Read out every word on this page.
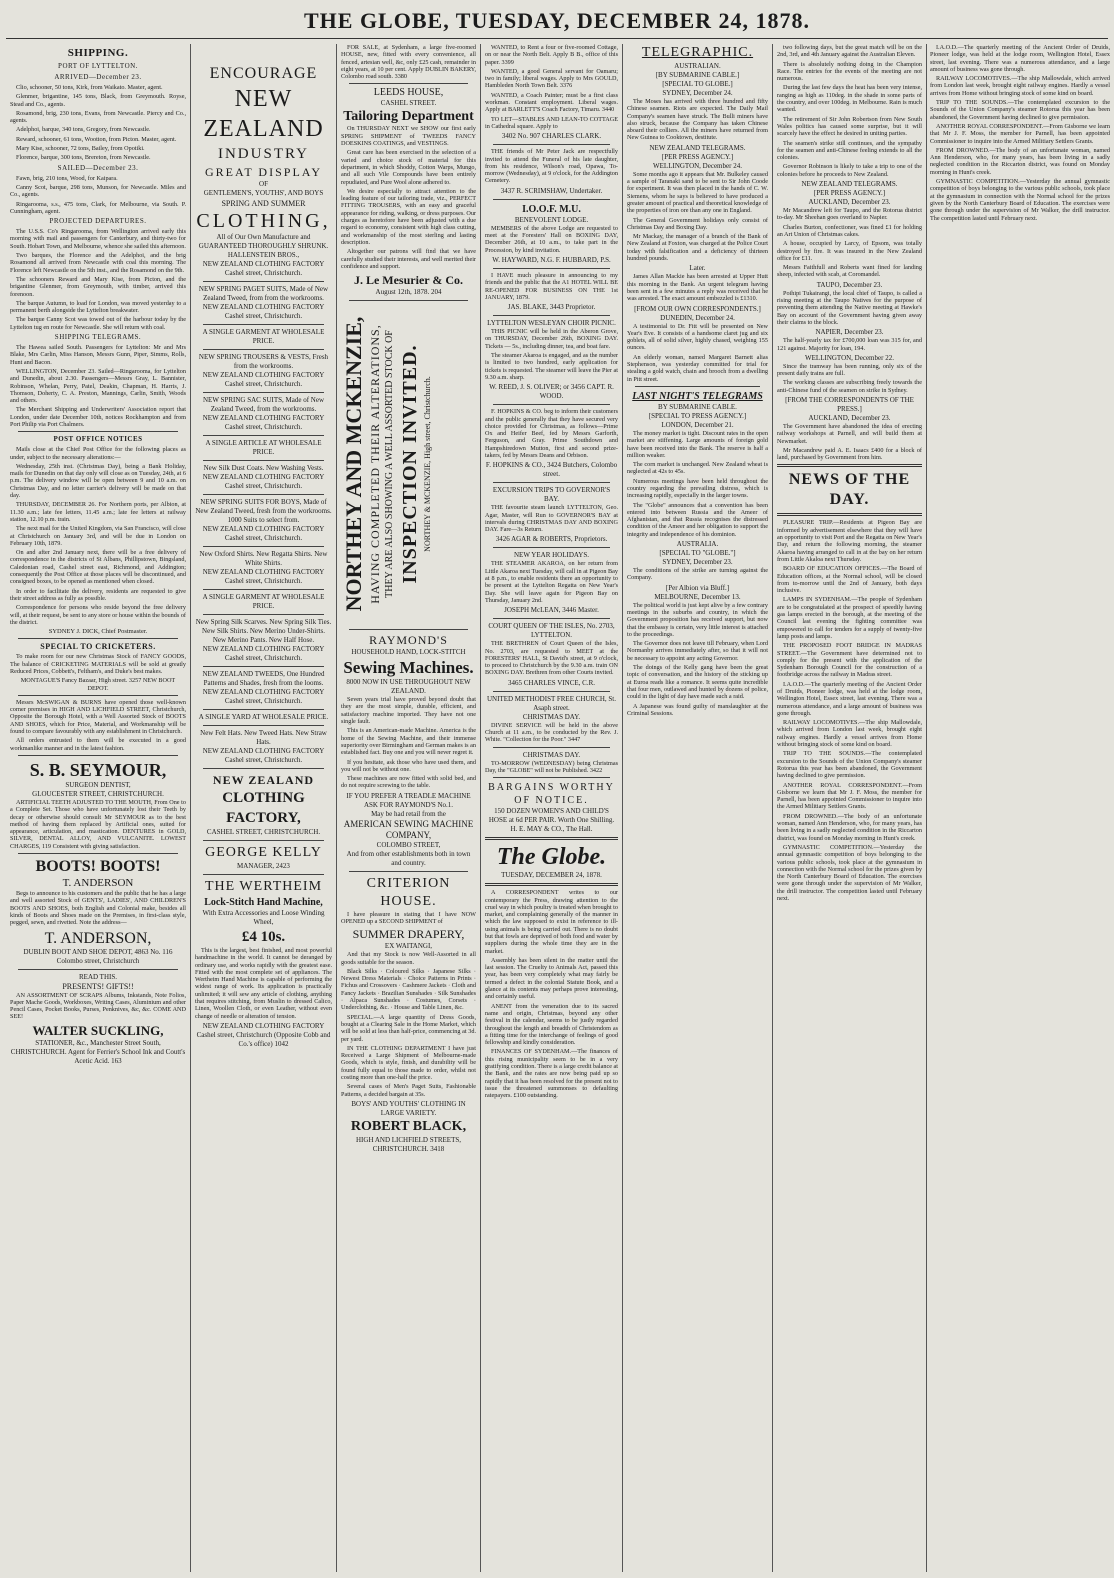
THE GLOBE, TUESDAY, DECEMBER 24, 1878.
SHIPPING.
PORT OF LYTTELTON.
ARRIVED—December 23.

Clio, schooner, 50 tons, Kirk, from Waikato. Master, agent.

Glenmer, brigantine, 145 tons, Black, from Greymouth. Royse, Stead and Co., agents.

Rosamond, brig, 230 tons, Evans, from Newcastle. Piercy and Co., agents.

Adelphoi, barque, 340 tons, Gregory, from Newcastle.

Reward, schooner, 61 tons, Wootton, from Picton. Master, agent.

Mary Kise, schooner, 72 tons, Bailey, from Opotiki.

Florence, barque, 300 tons, Brereton, from Newcastle.

SAILED—December 23.

Fawn, brig, 210 tons, Wood, for Kaipara.

Canny Scot, barque, 298 tons, Munson, for Newcastle. Miles and Co., agents.

Ringarooma, s.s., 475 tons, Clark, for Melbourne, via South. P. Cunningham, agent.

PROJECTED DEPARTURES.

The U.S.S. Co's Ringarooma, from Wellington arrived early this morning with mail and passengers for Canterbury, and thirty-two for South. Hobart Town, and Melbourne, whence she sailed this afternoon.

Two barques, the Florence and the Adelphoi, and the brig Rosamond all arrived from Newcastle with coal this morning. The Florence left Newcastle on the 5th inst., and the Rosamond on the 9th.

The schooners Reward and Mary Kise, from Picton, and the brigantine Glenmer, from Greymouth, with timber, arrived this forenoon.

The barque Autumn, to load for London, was moved yesterday to a permanent berth alongside the Lyttelton breakwater.

The barque Canny Scot was towed out of the harbour today by the Lyttelton tug en route for Newcastle. She will return with coal.

SHIPPING TELEGRAMS.

The Hawea sailed South. Passengers for Lyttelton: Mr and Mrs Blake, Mrs Carlin, Miss Hanson, Messrs Gunn, Piper, Simms, Rolls, Hunt and Bacon.

WELLINGTON, December 23. Sailed—Ringarooma, for Lyttelton and Dunedin, about 2.30. Passengers—Messrs Gray, L. Bannister, Robinson, Whelan, Perry, Patel, Deakin, Chapman, H. Harris, J. Thomson, Doherty, C. A. Preston, Mannings, Carlin, Smith, Woods and others.

The Merchant Shipping and Underwriters' Association report that London, under date December 10th, notices Rockhampton and from Port Philip via Port Chalmers.

POST OFFICE NOTICES

Mails close at the Chief Post Office for the following places as under, subject to the necessary alterations:—

Wednesday, 25th inst. (Christmas Day), being a Bank Holiday, mails for Dunedin on that day only will close as on Tuesday, 24th, at 6 p.m. The delivery window will be open between 9 and 10 a.m. on Christmas Day, and no letter carrier's delivery will be made on that day.

THURSDAY, DECEMBER 26. For Northern ports, per Albion, at 11.30 a.m.; late fee letters, 11.45 a.m.; late fee letters at railway station, 12.10 p.m. train.

The next mail for the United Kingdom, via San Francisco, will close at Christchurch on January 3rd, and will be due in London on February 10th, 1879.

On and after 2nd January next, there will be a free delivery of correspondence in the districts of St Albans, Phillipstown, Bingsland, Caledonian road, Cashel street east, Richmond, and Addington; consequently the Post Office at those places will be discontinued, and consigned boxes, to be opened as mentioned when closed.

In order to facilitate the delivery, residents are requested to give their street address as fully as possible.

Correspondence for persons who reside beyond the free delivery will, at their request, be sent to any store or house within the bounds of the district.

SYDNEY J. DICK, Chief Postmaster.
SPECIAL TO CRICKETERS.

To make room for our new Christmas Stock of FANCY GOODS, The balance of CRICKETING MATERIALS will be sold at greatly Reduced Prices, Cobbett's, Feltham's, and Duke's best makes.

MONTAGUE'S Fancy Bazaar, High street. 3257 NEW BOOT DEPOT.

Messrs McSWIGAN & BURNS have opened those well-known corner premises in HIGH AND LICHFIELD STREET, Christchurch, Opposite the Borough Hotel, with a Well Assorted Stock of BOOTS AND SHOES, which for Price, Material, and Workmanship will be found to compare favourably with any establishment in Christchurch.

All orders entrusted to them will be executed in a good workmanlike manner and in the latest fashion.

S. B. SEYMOUR,
SURGEON DENTIST,
GLOUCESTER STREET, CHRISTCHURCH.

ARTIFICIAL TEETH ADJUSTED TO THE MOUTH, From One to a Complete Set. Those who have unfortunately lost their Teeth by decay or otherwise should consult Mr SEYMOUR as to the best method of having them replaced by Artificial ones, suited for appearance, articulation, and mastication. DENTURES in GOLD, SILVER, DENTAL ALLOY, AND VULCANITE. LOWEST CHARGES, 119 Consistent with giving satisfaction.

BOOTS! BOOTS!
T. ANDERSON

Begs to announce to his customers and the public that he has a large and well assorted Stock of GENTS', LADIES', AND CHILDREN'S BOOTS AND SHOES, both English and Colonial make, besides all kinds of Boots and Shoes made on the Premises, in first-class style, pegged, sewn, and rivetted. Note the address—

T. ANDERSON,
DUBLIN BOOT AND SHOE DEPOT, 4863 No. 116 Colombo street, Christchurch
READ THIS.
PRESENTS! GIFTS!!

AN ASSORTMENT OF SCRAPS Albums, Inkstands, Note Folios, Paper Mache Goods, Workboxes, Writing Cases, Aluminium and other Pencil Cases, Pocket Books, Purses, Penknives, &c, &c. COME AND SEE!

WALTER SUCKLING,
STATIONER, &c., Manchester Street South, CHRISTCHURCH. Agent for Ferrier's School Ink and Coutt's Acetic Acid. 163
ENCOURAGE
NEW ZEALAND
INDUSTRY
GREAT DISPLAY
OF
GENTLEMEN'S, YOUTHS', AND BOYS
SPRING AND SUMMER
CLOTHING,
All of Our Own Manufacture and
GUARANTEED THOROUGHLY SHRUNK.
HALLENSTEIN BROS.,
NEW ZEALAND CLOTHING FACTORY
Cashel street, Christchurch.
NEW SPRING PAGET SUITS, Made of New Zealand Tweed, from from the workrooms.
NEW ZEALAND CLOTHING FACTORY
Cashel street, Christchurch.
A SINGLE GARMENT AT WHOLESALE PRICE.
NEW SPRING TROUSERS & VESTS, Fresh from the workrooms.
NEW ZEALAND CLOTHING FACTORY
Cashel street, Christchurch.
NEW SPRING SAC SUITS, Made of New Zealand Tweed, from the workrooms.
NEW ZEALAND CLOTHING FACTORY
Cashel street, Christchurch.
A SINGLE ARTICLE AT WHOLESALE PRICE.
New Silk Dust Coats. New Washing Vests.
NEW ZEALAND CLOTHING FACTORY
Cashel street, Christchurch.
NEW SPRING SUITS FOR BOYS, Made of New Zealand Tweed, fresh from the workrooms. 1000 Suits to select from.
NEW ZEALAND CLOTHING FACTORY
Cashel street, Christchurch.
New Oxford Shirts. New Regatta Shirts. New White Shirts.
NEW ZEALAND CLOTHING FACTORY
Cashel street, Christchurch.
A SINGLE GARMENT AT WHOLESALE PRICE.
New Spring Silk Scarves. New Spring Silk Ties. New Silk Shirts. New Merino Under-Shirts. New Merino Pants. New Half Hose.
NEW ZEALAND CLOTHING FACTORY
Cashel street, Christchurch.
NEW ZEALAND TWEEDS, One Hundred Patterns and Shades, fresh from the looms.
NEW ZEALAND CLOTHING FACTORY
Cashel street, Christchurch.
A SINGLE YARD AT WHOLESALE PRICE.
New Felt Hats. New Tweed Hats. New Straw Hats.
NEW ZEALAND CLOTHING FACTORY
Cashel street, Christchurch.
NEW ZEALAND
CLOTHING FACTORY,
CASHEL STREET, CHRISTCHURCH.
GEORGE KELLY
MANAGER, 2423
THE WERTHEIM
Lock-Stitch Hand Machine,
With Extra Accessories and Loose Winding Wheel,
£4 10s.

This is the largest, best finished, and most powerful handmachine in the world. It cannot be deranged by ordinary use, and works rapidly with the greatest ease. Fitted with the most complete set of appliances. The Wertheim Hand Machine is capable of performing the widest range of work. Its application is practically unlimited; it will sew any article of clothing, anything that requires stitching, from Muslin to dressed Calico, Linen, Woollen Cloth, or even Leather, without even change of needle or alteration of tension.

NEW ZEALAND CLOTHING FACTORY
Cashel street, Christchurch (Opposite Cobb and Co.'s office) 1042

FOR SALE, at Sydenham, a large five-roomed HOUSE, new, fitted with every convenience, all fenced, artesian well, &c, only £25 cash, remainder in eight years, at 10 per cent. Apply DUBLIN BAKERY, Colombo road south. 3380

LEEDS HOUSE,
CASHEL STREET.
Tailoring Department

On THURSDAY NEXT we SHOW our first early SPRING SHIPMENT of TWEEDS FANCY DOESKINS COATINGS, and VESTINGS.

Great care has been exercised in the selection of a varied and choice stock of material for this department, in which Shoddy, Cotton Warps, Mungo, and all such Vile Compounds have been entirely repudiated, and Pure Wool alone adhered to.

We desire especially to attract attention to the leading feature of our tailoring trade, viz., PERFECT FITTING TROUSERS, with an easy and graceful appearance for riding, walking, or dress purposes. Our charges as heretofore have been adjusted with a due regard to economy, consistent with high class cutting, and workmanship of the most sterling and lasting description.

Altogether our patrons will find that we have carefully studied their interests, and well merited their confidence and support.

J. Le Mesurier & Co.
August 12th, 1878. 204
NORTHEY AND MCKENZIE, HAVING COMPLETED THEIR ALTERATIONS, THEY ARE ALSO SHOWING A WELL ASSORTED STOCK OF INSPECTION INVITED. NORTHEY & MCKENZIE, High street, Christchurch.
RAYMOND'S
HOUSEHOLD HAND, LOCK-STITCH
Sewing Machines.
8000 NOW IN USE THROUGHOUT NEW ZEALAND.

Seven years trial have proved beyond doubt that they are the most simple, durable, efficient, and satisfactory machine imported. They have not one single fault.

This is an American-made Machine. America is the home of the Sewing Machine, and their immense superiority over Birmingham and German makes is an established fact. Buy one and you will never regret it.

If you hesitate, ask those who have used them, and you will not be without one.

These machines are now fitted with solid bed, and do not require screwing to the table.

IF YOU PREFER A TREADLE MACHINE ASK FOR RAYMOND'S No.1.
May be had retail from the
AMERICAN SEWING MACHINE COMPANY,
COLOMBO STREET,
And from other establishments both in town and country.
CRITERION HOUSE.

I have pleasure in stating that I have NOW OPENED up a SECOND SHIPMENT of

SUMMER DRAPERY,
EX WAITANGI,

And that my Stock is now Well-Assorted in all goods suitable for the season.

Black Silks · Coloured Silks · Japanese Silks · Newest Dress Materials · Choice Patterns in Prints · Fichus and Crossovers · Cashmere Jackets · Cloth and Fancy Jackets · Brazilian Sunshades · Silk Sunshades · Alpaca Sunshades · Costumes, Corsets · Underclothing, &c. · House and Table Linen, &c.

SPECIAL.—A large quantity of Dress Goods, bought at a Clearing Sale in the Home Market, which will be sold at less than half-price, commencing at 3d. per yard.

IN THE CLOTHING DEPARTMENT I have just Received a Large Shipment of Melbourne-made Goods, which is style, finish, and durability will be found fully equal to those made to order, whilst not costing more than one-half the price.

Several cases of Men's Paget Suits, Fashionable Patterns, a decided bargain at 35s.

BOYS' AND YOUTHS' CLOTHING IN LARGE VARIETY.
ROBERT BLACK,
HIGH AND LICHFIELD STREETS, CHRISTCHURCH. 3418

WANTED, to Rent a four or five-roomed Cottage, on or near the North Belt. Apply B B., office of this paper. 3399

WANTED, a good General servant for Oamaru; two in family; liberal wages. Apply to Mrs GOULD, Hambleden North Town Belt. 3376

WANTED, a Coach Painter; must be a first class workman. Constant employment. Liberal wages. Apply at BARLETT'S Coach Factory, Timaru. 3440

TO LET—STABLES AND LEAN-TO COTTAGE in Cathedral square. Apply to

3402 No. 907 CHARLES CLARK.

THE friends of Mr Peter Jack are respectfully invited to attend the Funeral of his late daughter, from his residence, Wilson's road, Opawa, To-morrow (Wednesday), at 9 o'clock, for the Addington Cemetery.

3437 R. SCRIMSHAW, Undertaker.
I.O.O.F. M.U.
BENEVOLENT LODGE.

MEMBERS of the above Lodge are requested to meet at the Foresters' Hall on BOXING DAY, December 26th, at 10 a.m., to take part in the Procession, by kind invitation.

W. HAYWARD, N.G. F. HUBBARD, P.S.

I HAVE much pleasure in announcing to my friends and the public that the A1 HOTEL WILL BE RE-OPENED FOR BUSINESS ON THE 1st JANUARY, 1879.

JAS. BLAKE, 3443 Proprietor.
LYTTELTON WESLEYAN CHOIR PICNIC.

THIS PICNIC will be held in the Aberon Grove, on THURSDAY, December 26th, BOXING DAY. Tickets — 5s., including dinner, tea, and boat fare.

The steamer Akaroa is engaged, and as the number is limited to two hundred, early application for tickets is requested. The steamer will leave the Pier at 9.30 a.m. sharp.

W. REED, J. S. OLIVER; or 3456 CAPT. R. WOOD.

F. HOPKINS & CO. beg to inform their customers and the public generally that they have secured very choice provided for Christmas, as follows—Prime Ox and Heifer Beef, fed by Messrs Garforth, Ferguson, and Gray. Prime Southdown and Hampshiredown Mutton, first and second prize-takers, fed by Messrs Deans and Orbison.

F. HOPKINS & CO., 3424 Butchers, Colombo street.
EXCURSION TRIPS TO GOVERNOR'S BAY.

THE favourite steam launch LYTTELTON, Geo. Agar, Master, will Run to GOVERNOR'S BAY at intervals during CHRISTMAS DAY AND BOXING DAY. Fare—3s Return.

3426 AGAR & ROBERTS, Proprietors.
NEW YEAR HOLIDAYS.

THE STEAMER AKAROA, on her return from Little Akaroa next Tuesday, will call in at Pigeon Bay at 8 p.m., to enable residents there an opportunity to be present at the Lyttelton Regatta on New Year's Day. She will leave again for Pigeon Bay on Thursday, January 2nd.

JOSEPH McLEAN, 3446 Master.
COURT QUEEN OF THE ISLES, No. 2703,
LYTTELTON.

THE BRETHREN of Court Queen of the Isles, No. 2703, are requested to MEET at the FORESTERS' HALL, St David's street, at 9 o'clock, to proceed to Christchurch by the 9.30 a.m. train ON BOXING DAY. Brethren from other Courts invited.

3465 CHARLES VINCE, C.R.
UNITED METHODIST FREE CHURCH, St. Asaph street.
CHRISTMAS DAY.

DIVINE SERVICE will be held in the above Church at 11 a.m., to be conducted by the Rev. J. White. "Collection for the Poor." 3447

CHRISTMAS DAY.

TO-MORROW (WEDNESDAY) being Christmas Day, the "GLOBE" will not be Published. 3422

BARGAINS WORTHY OF NOTICE.
150 DOZEN WOMEN'S AND CHILD'S HOSE at 6d PER PAIR. Worth One Shilling.
H. E. MAY & CO., The Hall.
The Globe.
TUESDAY, DECEMBER 24, 1878.

A CORRESPONDENT writes to our contemporary the Press, drawing attention to the cruel way in which poultry is treated when brought to market, and complaining generally of the manner in which the law supposed to exist in reference to ill-using animals is being carried out. There is no doubt but that fowls are deprived of both food and water by suppliers during the whole time they are in the market.

Assembly has been silent in the matter until the last session. The Cruelty to Animals Act, passed this year, has been very completely what may fairly be termed a defect in the colonial Statute Book, and a glance at its contents may perhaps prove interesting, and certainly useful.

ANENT from the veneration due to its sacred name and origin, Christmas, beyond any other festival in the calendar, seems to be justly regarded throughout the length and breadth of Christendom as a fitting time for the interchange of feelings of good fellowship and kindly consideration.

FINANCES OF SYDENHAM.—The finances of this rising municipality seem to be in a very gratifying condition. There is a large credit balance at the Bank, and the rates are now being paid up so rapidly that it has been resolved for the present not to issue the threatened summonses to defaulting ratepayers. £100 outstanding.

TELEGRAPHIC.
AUSTRALIAN.
[BY SUBMARINE CABLE.]
[SPECIAL TO GLOBE.]
SYDNEY, December 24.

The Moses has arrived with three hundred and fifty Chinese seamen. Riots are expected. The Daily Mail Company's seamen have struck. The Bulli miners have also struck, because the Company has taken Chinese aboard their colliers. All the miners have returned from New Guinea to Cooktown, destitute.

NEW ZEALAND TELEGRAMS.
[PER PRESS AGENCY.]
WELLINGTON, December 24.

Some months ago it appears that Mr. Bulkeley caused a sample of Taranaki sand to be sent to Sir John Coode for experiment. It was then placed in the hands of C. W. Siemens, whom he says is believed to have produced a greater amount of practical and theoretical knowledge of the properties of iron ore than any one in England.

The General Government holidays only consist of Christmas Day and Boxing Day.

Mr Mackay, the manager of a branch of the Bank of New Zealand at Foxton, was charged at the Police Court today with falsification and a deficiency of thirteen hundred pounds.

Later.

James Allan Mackie has been arrested at Upper Hutt this morning in the Bank. An urgent telegram having been sent in a few minutes a reply was received that he was arrested. The exact amount embezzled is £1310.

[FROM OUR OWN CORRESPONDENTS.]
DUNEDIN, December 24.

A testimonial to Dr. Fitt will be presented on New Year's Eve. It consists of a handsome claret jug and six goblets, all of solid silver, highly chased, weighing 155 ounces.

An elderly woman, named Margaret Barnett alias Stephenson, was yesterday committed for trial for stealing a gold watch, chain and brooch from a dwelling in Pitt street.

LAST NIGHT'S TELEGRAMS
BY SUBMARINE CABLE.
[SPECIAL TO PRESS AGENCY.]
LONDON, December 21.

The money market is tight. Discount rates in the open market are stiffening. Large amounts of foreign gold have been received into the Bank. The reserve is half a million weaker.

The corn market is unchanged. New Zealand wheat is neglected at 42s to 45s.

Numerous meetings have been held throughout the country regarding the prevailing distress, which is increasing rapidly, especially in the larger towns.

The "Globe" announces that a convention has been entered into between Russia and the Ameer of Afghanistan, and that Russia recognises the distressed condition of the Ameer and her obligation to support the integrity and independence of his dominion.

AUSTRALIA.
[SPECIAL TO "GLOBE."]
SYDNEY, December 23.

The conditions of the strike are turning against the Company.

[Per Albion via Bluff.]
MELBOURNE, December 13.

The political world is just kept alive by a few contrary meetings in the suburbs and country, in which the Government proposition has received support, but now that the embassy is certain, very little interest is attached to the proceedings.

The Governor does not leave till February, when Lord Normanby arrives immediately after, so that it will not be necessary to appoint any acting Governor.

The doings of the Kelly gang have been the great topic of conversation, and the history of the sticking up at Euroa reads like a romance. It seems quite incredible that four men, outlawed and hunted by dozens of police, could in the light of day have made such a raid.

A Japanese was found guilty of manslaughter at the Criminal Sessions.

two following days, but the great match will be on the 2nd, 3rd, and 4th January against the Australian Eleven.

There is absolutely nothing doing in the Champion Race. The entries for the events of the meeting are not numerous.

During the last few days the heat has been very intense, ranging as high as 110deg. in the shade in some parts of the country, and over 100deg. in Melbourne. Rain is much wanted.

The retirement of Sir John Robertson from New South Wales politics has caused some surprise, but it will scarcely have the effect he desired in uniting parties.

The seamen's strike still continues, and the sympathy for the seamen and anti-Chinese feeling extends to all the colonies.

Governor Robinson is likely to take a trip to one of the colonies before he proceeds to New Zealand.

NEW ZEALAND TELEGRAMS.
[PER PRESS AGENCY.]
AUCKLAND, December 23.

Mr Macandrew left for Taupo, and the Rotorua district to-day. Mr Sheehan goes overland to Napier.

Charles Burton, confectioner, was fined £1 for holding an Art Union of Christmas cakes.

A house, occupied by Larcy, of Epsom, was totally destroyed by fire. It was insured in the New Zealand office for £11.

Messrs Faithfull and Roberts want fined for landing sheep, infected with scab, at Coromandel.

TAUPO, December 23.

Poihipi Tukairangi, the local chief of Taupo, is called a rising meeting at the Taupo Natives for the purpose of preventing them attending the Native meeting at Hawke's Bay on account of the Government having given away their claims to the block.

NAPIER, December 23.

The half-yearly tax for £700,000 loan was 315 for, and 121 against. Majority for loan, 194.

WELLINGTON, December 22.

Since the tramway has been running, only six of the present daily trains are full.

The working classes are subscribing freely towards the anti-Chinese fund of the seamen on strike in Sydney.

[FROM THE CORRESPONDENTS OF THE PRESS.]
AUCKLAND, December 23.

The Government have abandoned the idea of erecting railway workshops at Parnell, and will build them at Newmarket.

Mr Macandrew paid A. E. Isaacs £400 for a block of land, purchased by Government from him.

NEWS OF THE DAY.

PLEASURE TRIP.—Residents at Pigeon Bay are informed by advertisement elsewhere that they will have an opportunity to visit Port and the Regatta on New Year's Day, and return the following morning, the steamer Akaroa having arranged to call in at the bay on her return from Little Akaloa next Thursday.

BOARD OF EDUCATION OFFICES.—The Board of Education offices, at the Normal school, will be closed from to-morrow until the 2nd of January, both days inclusive.

LAMPS IN SYDENHAM.—The people of Sydenham are to be congratulated at the prospect of speedily having gas lamps erected in the borough, at the meeting of the Council last evening the fighting committee was empowered to call for tenders for a supply of twenty-five lamp posts and lamps.

THE PROPOSED FOOT BRIDGE IN MADRAS STREET.—The Government have determined not to comply for the present with the application of the Sydenham Borough Council for the construction of a footbridge across the railway in Madras street.

I.A.O.D.—The quarterly meeting of the Ancient Order of Druids, Pioneer lodge, was held at the lodge room, Wellington Hotel, Essex street, last evening. There was a numerous attendance, and a large amount of business was gone through.

RAILWAY LOCOMOTIVES.—The ship Mallowdale, which arrived from London last week, brought eight railway engines. Hardly a vessel arrives from Home without bringing stock of some kind on board.

TRIP TO THE SOUNDS.—The contemplated excursion to the Sounds of the Union Company's steamer Rotorua this year has been abandoned, the Government having declined to give permission.

ANOTHER ROYAL CORRESPONDENT.—From Gisborne we learn that Mr J. F. Moss, the member for Parnell, has been appointed Commissioner to inquire into the Armed Militiary Settlers Grants.

FROM DROWNED.—The body of an unfortunate woman, named Ann Henderson, who, for many years, has been living in a sadly neglected condition in the Riccarton district, was found on Monday morning in Hunt's creek.

GYMNASTIC COMPETITION.—Yesterday the annual gymnastic competition of boys belonging to the various public schools, took place at the gymnasium in connection with the Normal school for the prizes given by the North Canterbury Board of Education. The exercises were gone through under the supervision of Mr Walker, the drill instructor. The competition lasted until February next.

I.A.O.D.—The quarterly meeting of the Ancient Order of Druids, Pioneer lodge, was held at the lodge room, Wellington Hotel, Essex street, last evening. There was a numerous attendance, and a large amount of business was gone through.

RAILWAY LOCOMOTIVES.—The ship Mallowdale, which arrived from London last week, brought eight railway engines. Hardly a vessel arrives from Home without bringing stock of some kind on board.

TRIP TO THE SOUNDS.—The contemplated excursion to the Sounds of the Union Company's steamer Rotorua this year has been abandoned, the Government having declined to give permission.

ANOTHER ROYAL CORRESPONDENT.—From Gisborne we learn that Mr J. F. Moss, the member for Parnell, has been appointed Commissioner to inquire into the Armed Militiary Settlers Grants.

FROM DROWNED.—The body of an unfortunate woman, named Ann Henderson, who, for many years, has been living in a sadly neglected condition in the Riccarton district, was found on Monday morning in Hunt's creek.

GYMNASTIC COMPETITION.—Yesterday the annual gymnastic competition of boys belonging to the various public schools, took place at the gymnasium in connection with the Normal school for the prizes given by the North Canterbury Board of Education. The exercises were gone through under the supervision of Mr Walker, the drill instructor. The competition lasted until February next.
